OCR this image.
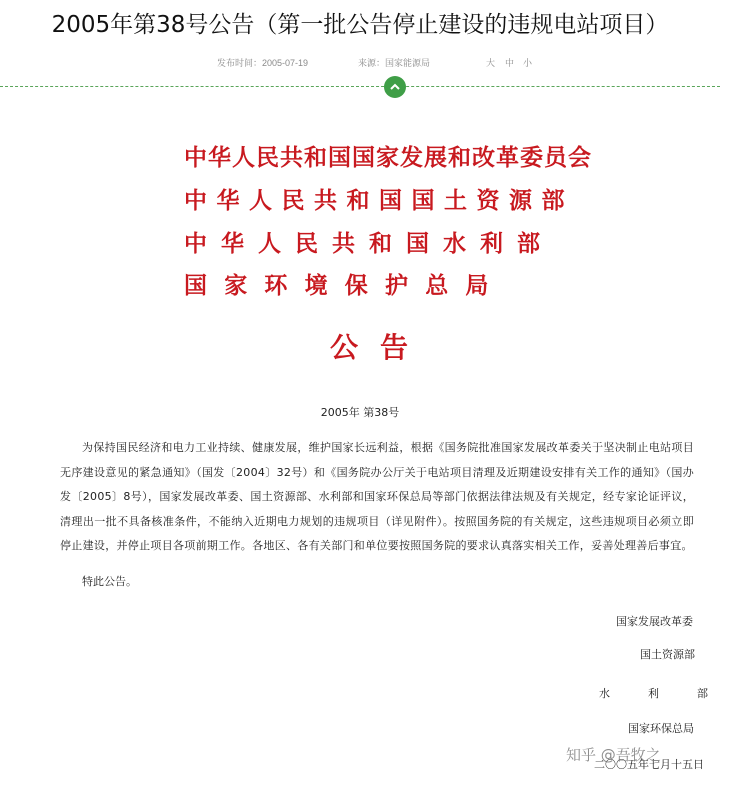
2005年第38号公告（第一批公告停止建设的违规电站项目）
发布时间：2005-07-19	来源：国家能源局	大 中 小
中华人民共和国国家发展和改革委员会
中华人民共和国国土资源部
中华人民共和国水利部
国家环境保护总局
公告
2005年 第38号
为保持国民经济和电力工业持续、健康发展，维护国家长远利益，根据《国务院批准国家发展改革委关于坚决制止电站项目无序建设意见的紧急通知》（国发〔2004〕32号）和《国务院办公厅关于电站项目清理及近期建设安排有关工作的通知》（国办发〔2005〕8号），国家发展改革委、国土资源部、水利部和国家环保总局等部门依据法律法规及有关规定，经专家论证评议，清理出一批不具备核准条件，不能纳入近期电力规划的违规项目（详见附件）。按照国务院的有关规定，这些违规项目必须立即停止建设，并停止项目各项前期工作。各地区、各有关部门和单位要按照国务院的要求认真落实相关工作，妥善处理善后事宜。
特此公告。
国家发展改革委
国土资源部
水利部
国家环保总局
二〇〇五年七月十五日
知乎 @吾牧之
